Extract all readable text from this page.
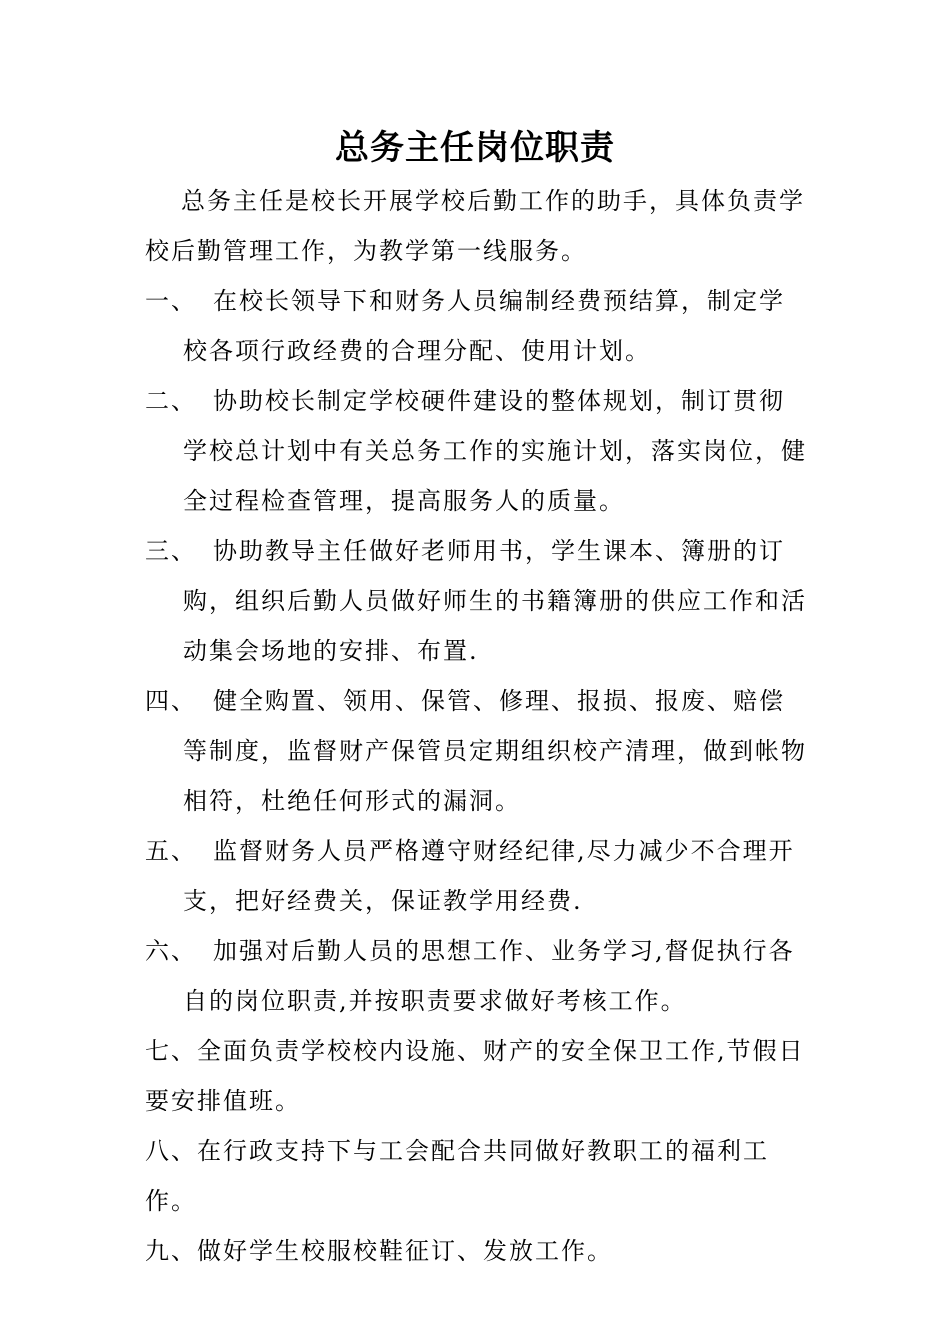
总务主任岗位职责

总务主任是校长开展学校后勤工作的助手，具体负责学校后勤管理工作，为教学第一线服务。

一、 在校长领导下和财务人员编制经费预结算，制定学校各项行政经费的合理分配、使用计划。

二、 协助校长制定学校硬件建设的整体规划，制订贯彻学校总计划中有关总务工作的实施计划，落实岗位，健全过程检查管理，提高服务人的质量。

三、 协助教导主任做好老师用书，学生课本、簿册的订购，组织后勤人员做好师生的书籍簿册的供应工作和活动集会场地的安排、布置.

四、 健全购置、领用、保管、修理、报损、报废、赔偿等制度，监督财产保管员定期组织校产清理，做到帐物相符，杜绝任何形式的漏洞。

五、 监督财务人员严格遵守财经纪律,尽力减少不合理开支，把好经费关，保证教学用经费.

六、 加强对后勤人员的思想工作、业务学习,督促执行各自的岗位职责,并按职责要求做好考核工作。

七、全面负责学校校内设施、财产的安全保卫工作,节假日要安排值班。

八、在行政支持下与工会配合共同做好教职工的福利工作。

九、做好学生校服校鞋征订、发放工作。
